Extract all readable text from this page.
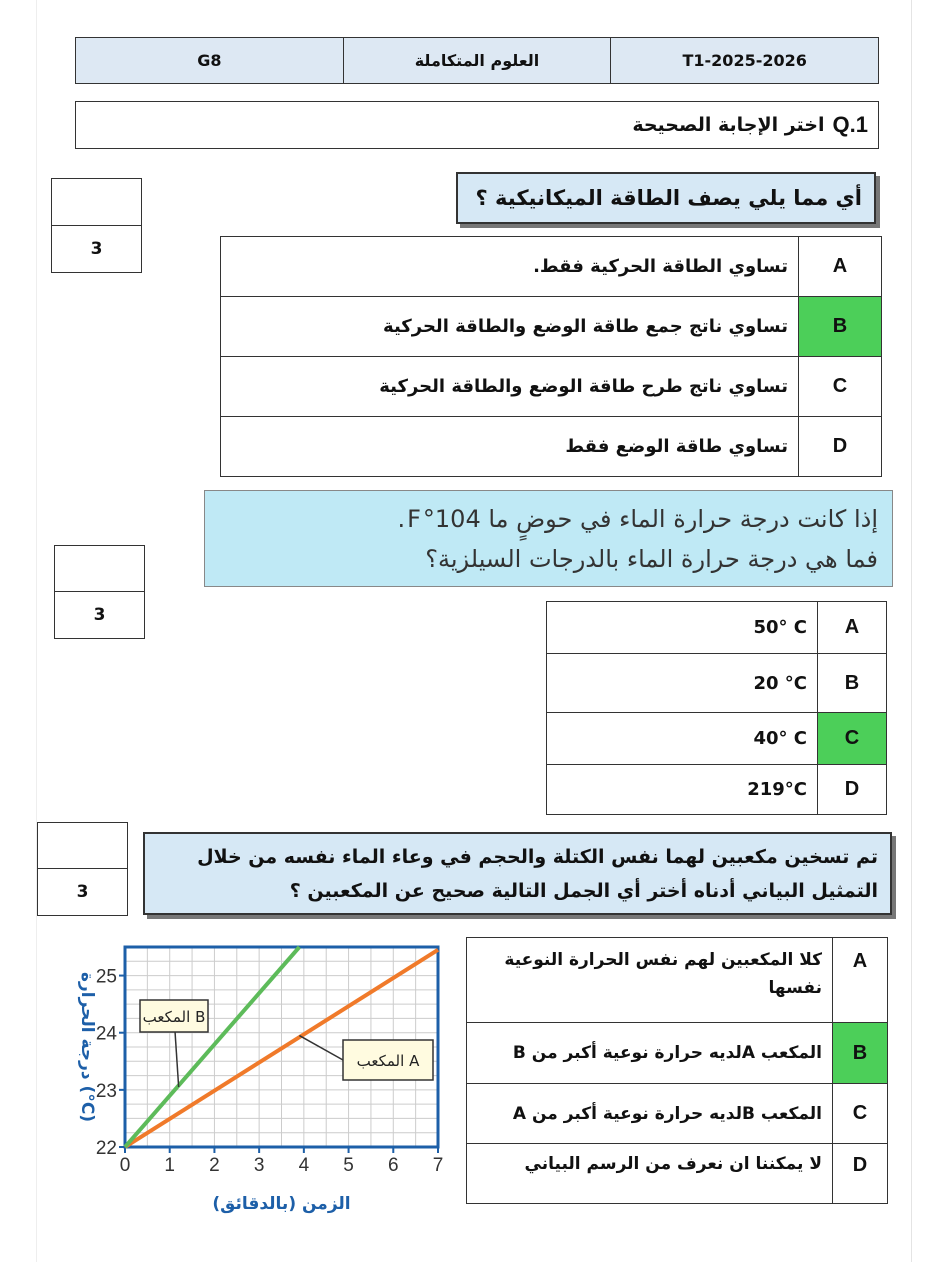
G8	العلوم المتكاملة	T1-2025-2026
Q.1
اختر الإجابة الصحيحة
3
أي مما يلي يصف الطاقة الميكانيكية ؟
A	تساوي الطاقة الحركية فقط.
B	تساوي ناتج جمع طاقة الوضع والطاقة الحركية
C	تساوي ناتج طرح طاقة الوضع والطاقة الحركية
D	تساوي طاقة الوضع فقط
3
إذا كانت درجة حرارة الماء في حوضٍ ما 104°F.
فما هي درجة حرارة الماء بالدرجات السيلزية؟
A	50° C
B	20 °C
C	40° C
D	219°C
3
تم تسخين مكعبين لهما نفس الكتلة والحجم في وعاء الماء نفسه من خلال
التمثيل البياني أدناه أختر أي الجمل التالية صحيح عن المكعبين ؟
0 1 2 3 4 5 6 7
22
23
24
25
المكعب A
المكعب B
الزمن (بالدقائق)
درجة الحرارة (°C)
A	كلا المكعبين لهم نفس الحرارة النوعية نفسها
B	المكعب Aلديه حرارة نوعية أكبر من B
C	المكعب Bلديه حرارة نوعية أكبر من A
D	لا يمكننا ان نعرف من الرسم البياني
